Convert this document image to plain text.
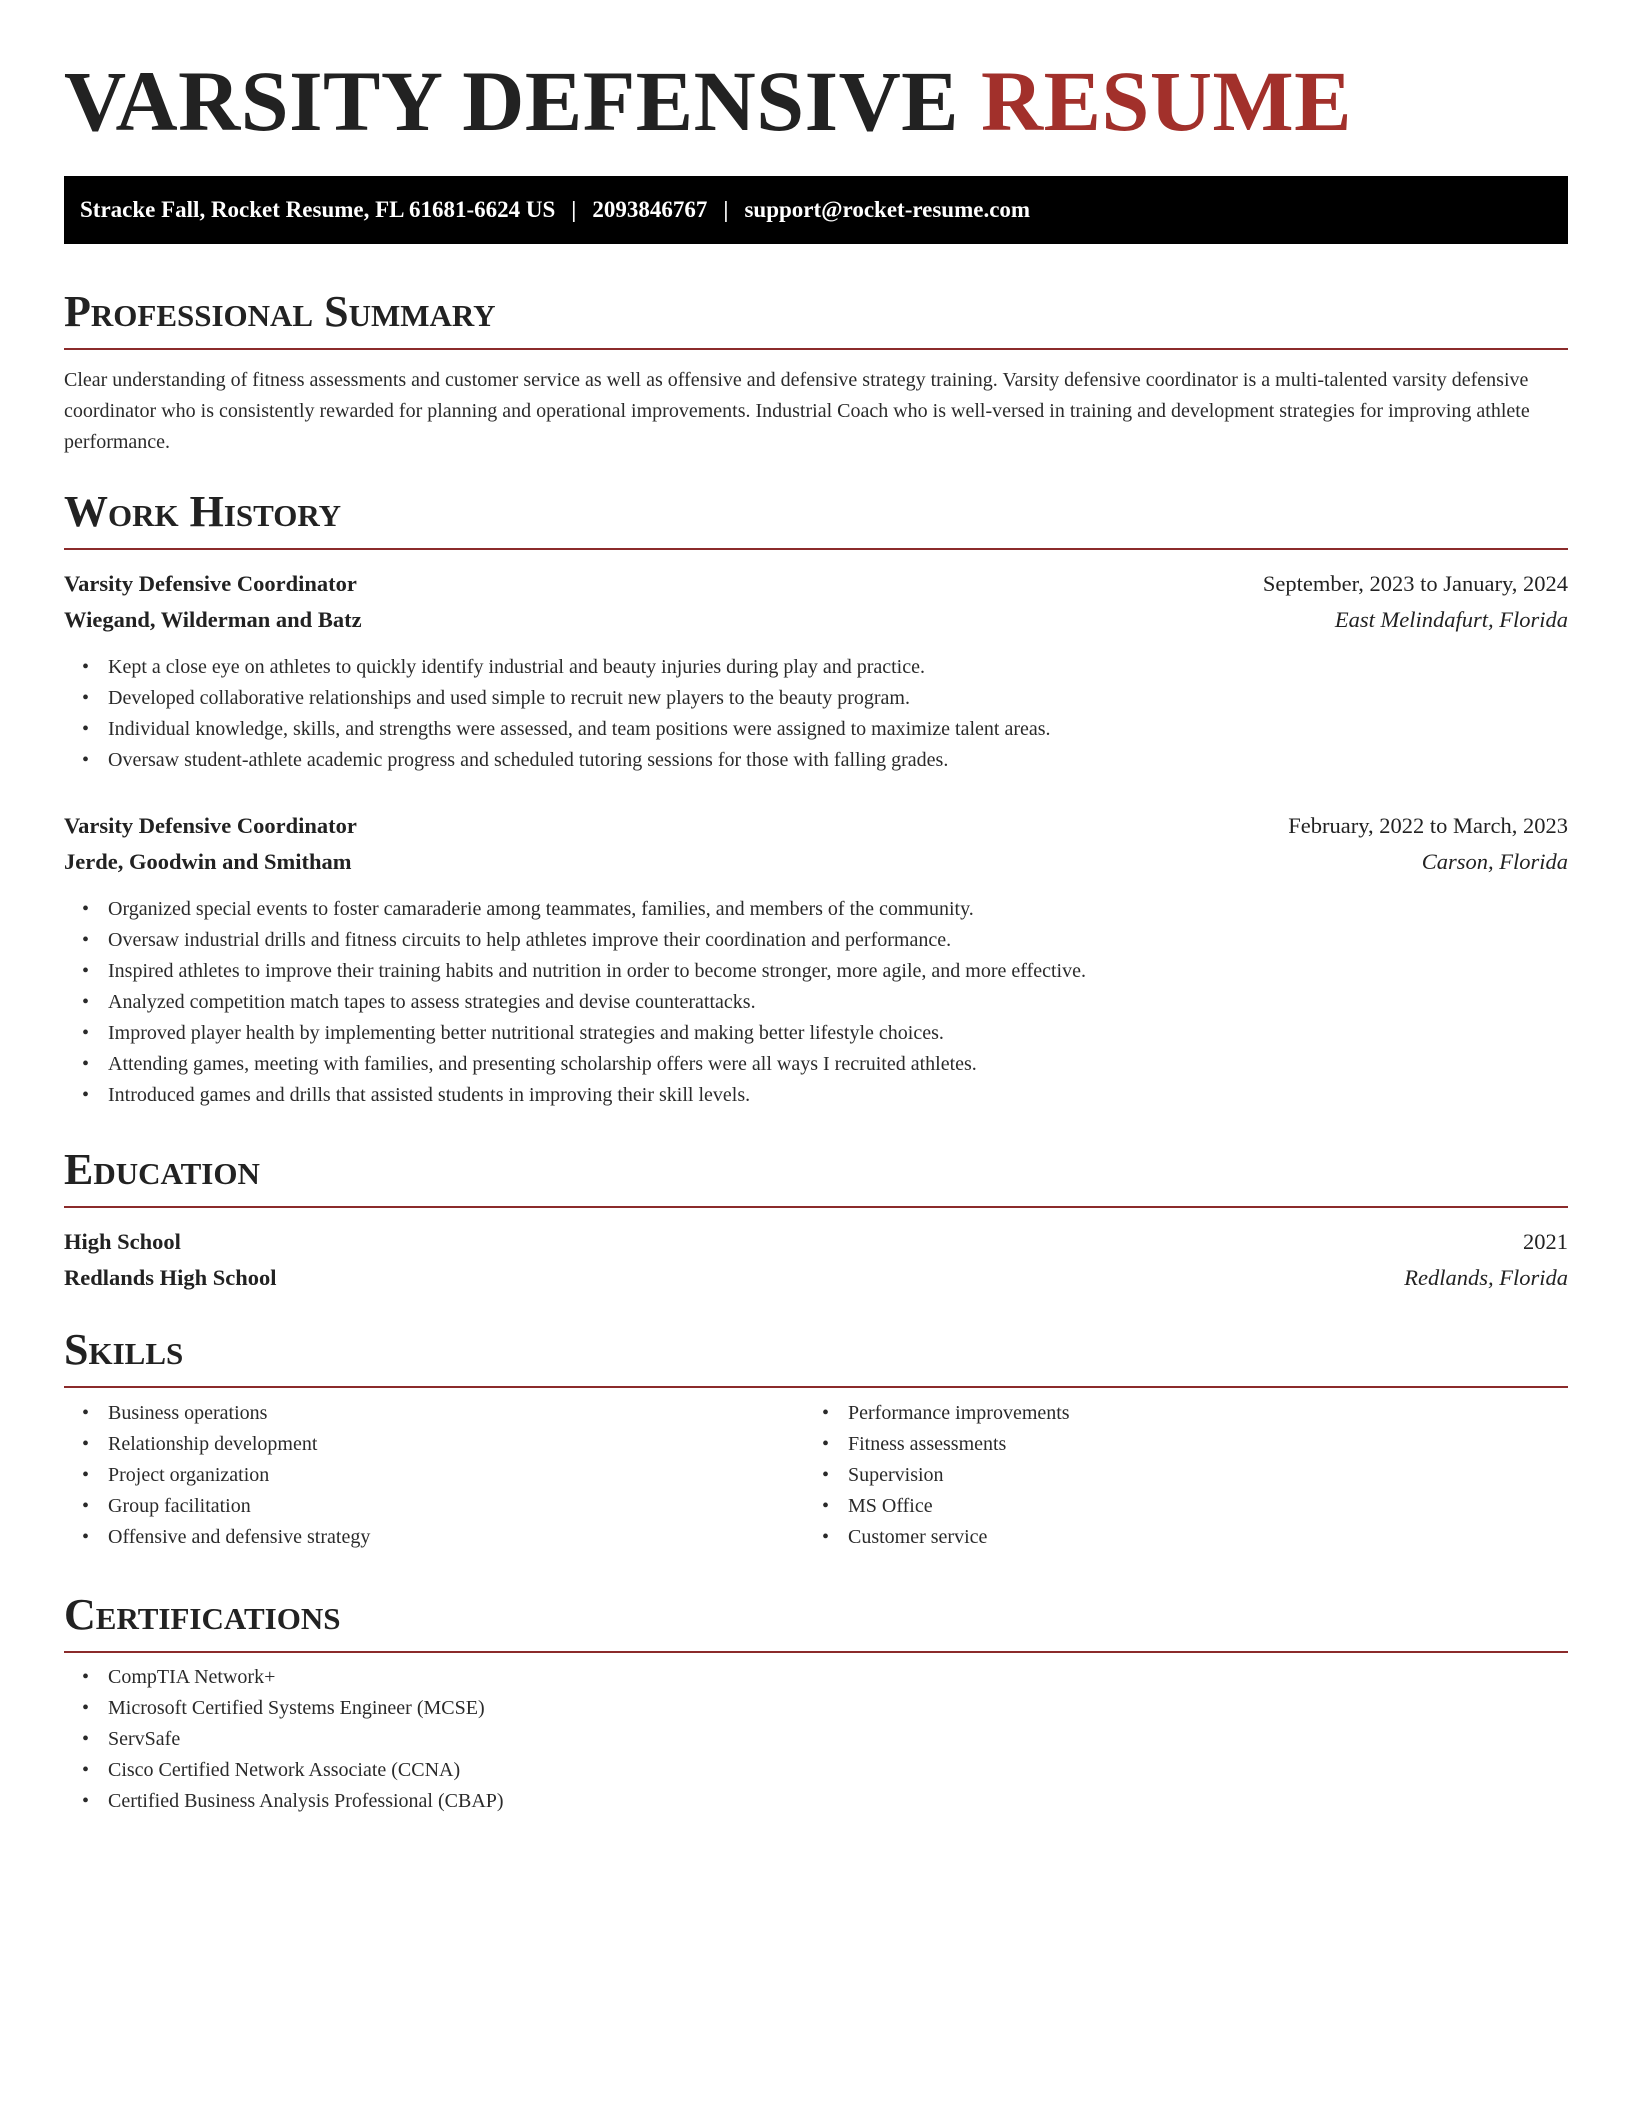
VARSITY DEFENSIVE RESUME
Stracke Fall, Rocket Resume, FL 61681-6624 US | 2093846767 | support@rocket-resume.com
Professional Summary

Clear understanding of fitness assessments and customer service as well as offensive and defensive strategy training. Varsity defensive coordinator is a multi-talented varsity defensive coordinator who is consistently rewarded for planning and operational improvements. Industrial Coach who is well-versed in training and development strategies for improving athlete performance.

Work History
Varsity Defensive Coordinator	September, 2023 to January, 2024
Wiegand, Wilderman and Batz	East Melindafurt, Florida
• Kept a close eye on athletes to quickly identify industrial and beauty injuries during play and practice.
• Developed collaborative relationships and used simple to recruit new players to the beauty program.
• Individual knowledge, skills, and strengths were assessed, and team positions were assigned to maximize talent areas.
• Oversaw student-athlete academic progress and scheduled tutoring sessions for those with falling grades.
Varsity Defensive Coordinator	February, 2022 to March, 2023
Jerde, Goodwin and Smitham	Carson, Florida
• Organized special events to foster camaraderie among teammates, families, and members of the community.
• Oversaw industrial drills and fitness circuits to help athletes improve their coordination and performance.
• Inspired athletes to improve their training habits and nutrition in order to become stronger, more agile, and more effective.
• Analyzed competition match tapes to assess strategies and devise counterattacks.
• Improved player health by implementing better nutritional strategies and making better lifestyle choices.
• Attending games, meeting with families, and presenting scholarship offers were all ways I recruited athletes.
• Introduced games and drills that assisted students in improving their skill levels.
Education
High School	2021
Redlands High School	Redlands, Florida
Skills
• Business operations
• Relationship development
• Project organization
• Group facilitation
• Offensive and defensive strategy
• Performance improvements
• Fitness assessments
• Supervision
• MS Office
• Customer service
Certifications
• CompTIA Network+
• Microsoft Certified Systems Engineer (MCSE)
• ServSafe
• Cisco Certified Network Associate (CCNA)
• Certified Business Analysis Professional (CBAP)
